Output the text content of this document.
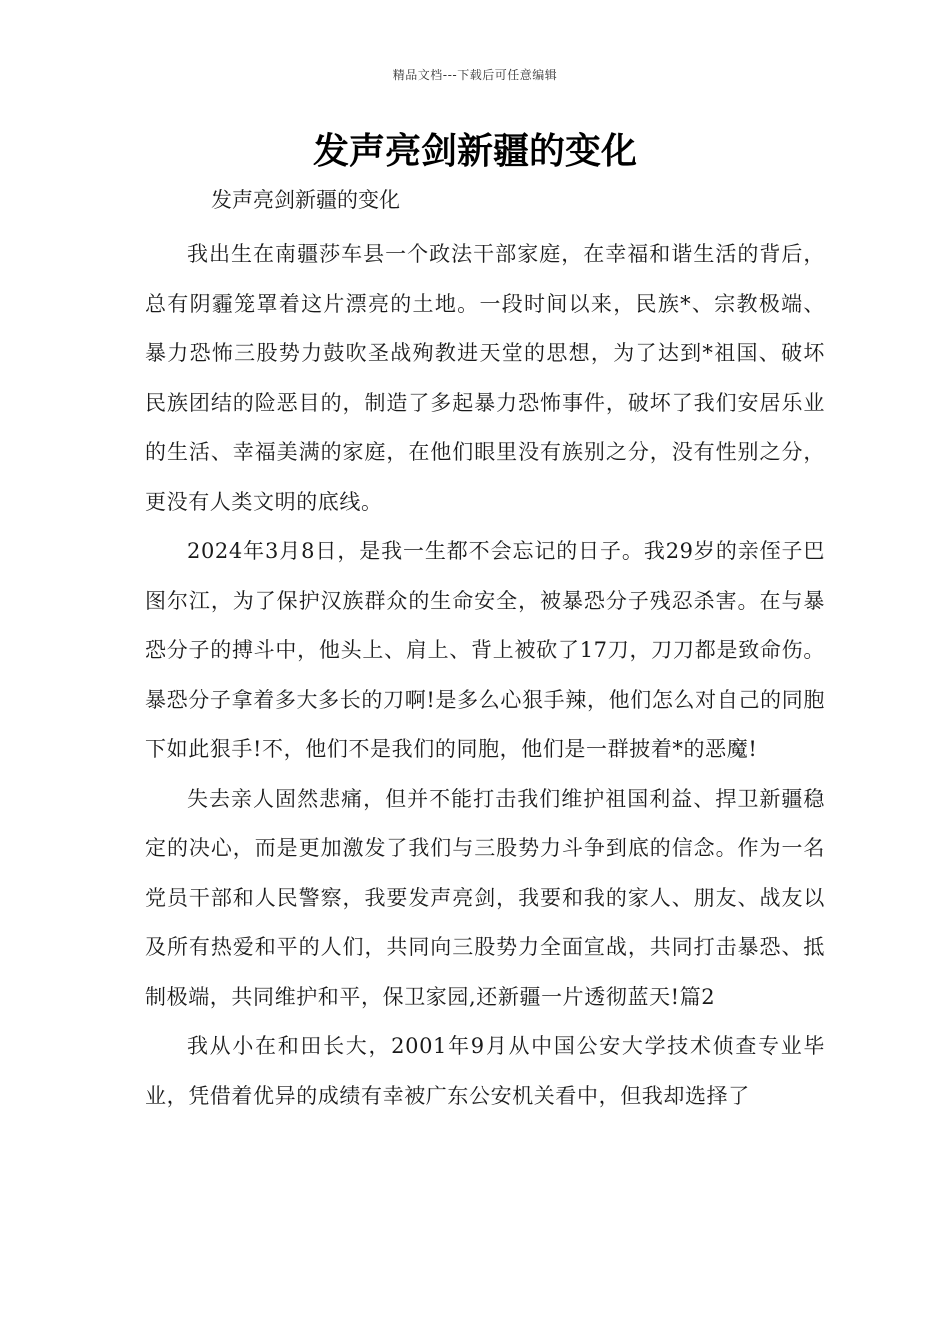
精品文档---下载后可任意编辑
发声亮剑新疆的变化
发声亮剑新疆的变化

我出生在南疆莎车县一个政法干部家庭，在幸福和谐生活的背后，总有阴霾笼罩着这片漂亮的土地。一段时间以来，民族*、宗教极端、暴力恐怖三股势力鼓吹圣战殉教进天堂的思想，为了达到*祖国、破坏民族团结的险恶目的，制造了多起暴力恐怖事件，破坏了我们安居乐业的生活、幸福美满的家庭，在他们眼里没有族别之分，没有性别之分，更没有人类文明的底线。

2024年3月8日，是我一生都不会忘记的日子。我29岁的亲侄子巴图尔江，为了保护汉族群众的生命安全，被暴恐分子残忍杀害。在与暴恐分子的搏斗中，他头上、肩上、背上被砍了17刀，刀刀都是致命伤。暴恐分子拿着多大多长的刀啊!是多么心狠手辣，他们怎么对自己的同胞下如此狠手!不，他们不是我们的同胞，他们是一群披着*的恶魔!

失去亲人固然悲痛，但并不能打击我们维护祖国利益、捍卫新疆稳定的决心，而是更加激发了我们与三股势力斗争到底的信念。作为一名党员干部和人民警察，我要发声亮剑，我要和我的家人、朋友、战友以及所有热爱和平的人们，共同向三股势力全面宣战，共同打击暴恐、抵制极端，共同维护和平，保卫家园,还新疆一片透彻蓝天!篇2

我从小在和田长大，2001年9月从中国公安大学技术侦查专业毕业，凭借着优异的成绩有幸被广东公安机关看中，但我却选择了
